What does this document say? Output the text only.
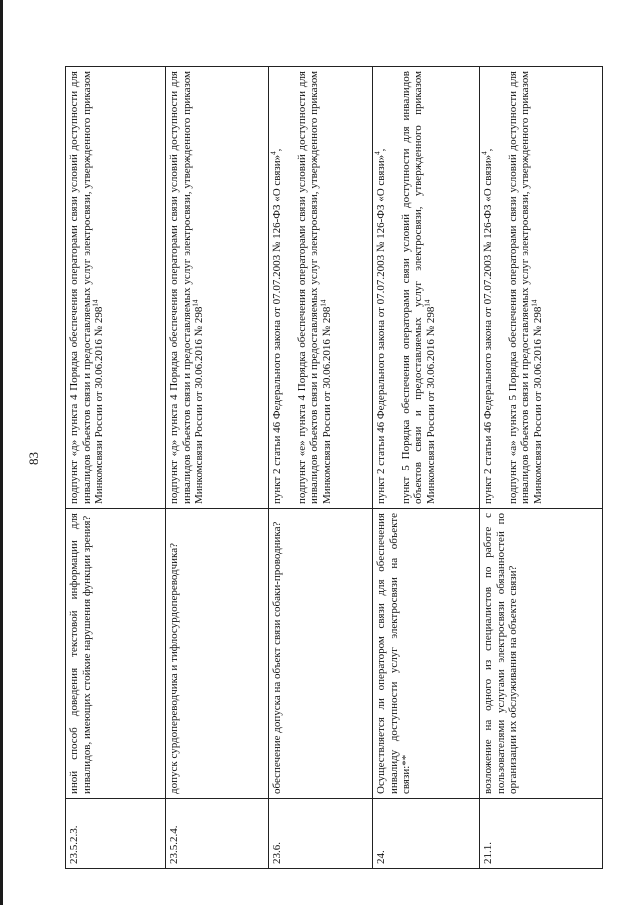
83
23.5.2.3.	иной способ доведения текстовой информации для инвалидов, имеющих стойкие нарушения функции зрения?	подпункт «д» пункта 4 Порядка обеспечения операторами связи условий доступности для инвалидов объектов связи и предоставляемых услуг электросвязи, утвержденного приказом Минкомсвязи России от 30.06.2016 № $298^{14}$

23.5.2.4.	допуск сурдопереводчика и тифлосурдопереводчика?	подпункт «д» пункта 4 Порядка обеспечения операторами связи условий доступности для инвалидов объектов связи и предоставляемых услуг электросвязи, утвержденного приказом Минкомсвязи России от 30.06.2016 № $298^{14}$

23.6.	обеспечение допуска на объект связи собаки-проводника?	пункт 2 статьи 46 Федерального закона от 07.07.2003 № 126-ФЗ «О связи»$^4$, подпункт «е» пункта 4 Порядка обеспечения операторами связи условий доступности для инвалидов объектов связи и предоставляемых услуг электросвязи, утвержденного приказом Минкомсвязи России от 30.06.2016 № $298^{14}$

24.	Осуществляется ли оператором связи для обеспечения инвалиду доступности услуг электросвязи на объекте связи:**	пункт 2 статьи 46 Федерального закона от 07.07.2003 № 126-ФЗ «О связи»$^4$, пункт 5 Порядка обеспечения операторами связи условий доступности для инвалидов объектов связи и предоставляемых услуг электросвязи, утвержденного приказом Минкомсвязи России от 30.06.2016 № $298^{14}$

21.1.	возложение на одного из специалистов по работе с пользователями услугами электросвязи обязанностей по организации их обслуживания на объекте связи?	пункт 2 статьи 46 Федерального закона от 07.07.2003 № 126-ФЗ «О связи»$^4$, подпункт «а» пункта 5 Порядка обеспечения операторами связи условий доступности для инвалидов объектов связи и предоставляемых услуг электросвязи, утвержденного приказом Минкомсвязи России от 30.06.2016 № $298^{14}$
